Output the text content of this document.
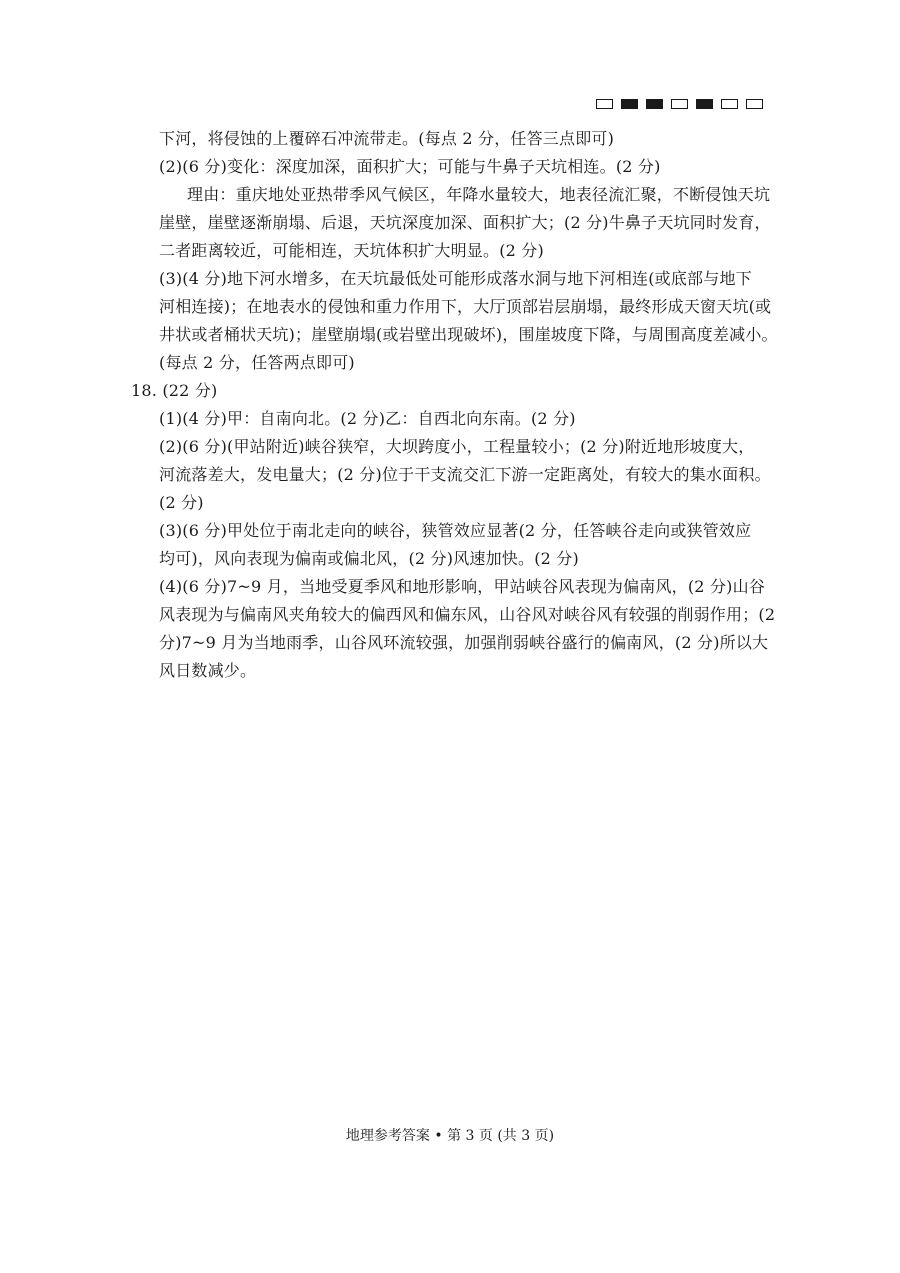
下河，将侵蚀的上覆碎石冲流带走。(每点 2 分，任答三点即可)
(2)(6 分)变化：深度加深，面积扩大；可能与牛鼻子天坑相连。(2 分)
理由：重庆地处亚热带季风气候区，年降水量较大，地表径流汇聚，不断侵蚀天坑
崖壁，崖壁逐渐崩塌、后退，天坑深度加深、面积扩大；(2 分)牛鼻子天坑同时发育，
二者距离较近，可能相连，天坑体积扩大明显。(2 分)
(3)(4 分)地下河水增多，在天坑最低处可能形成落水洞与地下河相连(或底部与地下
河相连接)；在地表水的侵蚀和重力作用下，大厅顶部岩层崩塌，最终形成天窗天坑(或
井状或者桶状天坑)；崖壁崩塌(或岩壁出现破坏)，围崖坡度下降，与周围高度差减小。
(每点 2 分，任答两点即可)
18. (22 分)
(1)(4 分)甲：自南向北。(2 分)乙：自西北向东南。(2 分)
(2)(6 分)(甲站附近)峡谷狭窄，大坝跨度小，工程量较小；(2 分)附近地形坡度大，
河流落差大，发电量大；(2 分)位于干支流交汇下游一定距离处，有较大的集水面积。
(2 分)
(3)(6 分)甲处位于南北走向的峡谷，狭管效应显著(2 分，任答峡谷走向或狭管效应
均可)，风向表现为偏南或偏北风，(2 分)风速加快。(2 分)
(4)(6 分)7~9 月，当地受夏季风和地形影响，甲站峡谷风表现为偏南风，(2 分)山谷
风表现为与偏南风夹角较大的偏西风和偏东风，山谷风对峡谷风有较强的削弱作用；(2
分)7~9 月为当地雨季，山谷风环流较强，加强削弱峡谷盛行的偏南风，(2 分)所以大
风日数减少。
地理参考答案 • 第 3 页 (共 3 页)
